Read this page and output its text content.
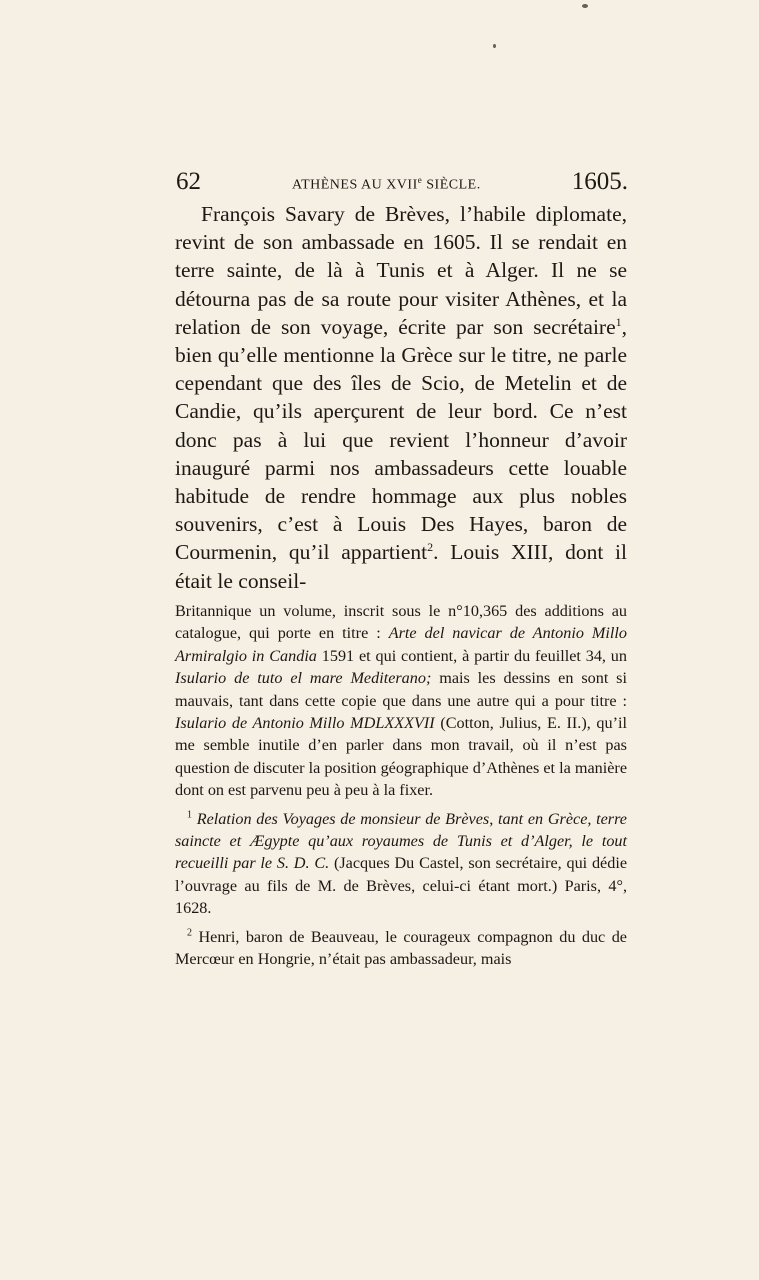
62	ATHÈNES AU XVIIe SIÈCLE.	1605.

François Savary de Brèves, l’habile diplomate, revint de son ambassade en 1605. Il se rendait en terre sainte, de là à Tunis et à Alger. Il ne se détourna pas de sa route pour visiter Athènes, et la relation de son voyage, écrite par son secrétaire$^1$, bien qu’elle mentionne la Grèce sur le titre, ne parle cependant que des îles de Scio, de Metelin et de Candie, qu’ils aperçurent de leur bord. Ce n’est donc pas à lui que revient l’honneur d’avoir inauguré parmi nos ambassadeurs cette louable habitude de rendre hommage aux plus nobles souvenirs, c’est à Louis Des Hayes, baron de Courmenin, qu’il appartient$^2$. Louis XIII, dont il était le conseil-

Britannique un volume, inscrit sous le n°10,365 des additions au catalogue, qui porte en titre : Arte del navicar de Antonio Millo Armiralgio in Candia 1591 et qui contient, à partir du feuillet 34, un Isulario de tuto el mare Mediterano; mais les dessins en sont si mauvais, tant dans cette copie que dans une autre qui a pour titre : Isulario de Antonio Millo MDLXXXVII (Cotton, Julius, E. II.), qu’il me semble inutile d’en parler dans mon travail, où il n’est pas question de discuter la position géographique d’Athènes et la manière dont on est parvenu peu à peu à la fixer.

$^1$ Relation des Voyages de monsieur de Brèves, tant en Grèce, terre saincte et Ægypte qu’aux royaumes de Tunis et d’Alger, le tout recueilli par le S. D. C. (Jacques Du Castel, son secrétaire, qui dédie l’ouvrage au fils de M. de Brèves, celui-ci étant mort.) Paris, 4°, 1628.

$^2$ Henri, baron de Beauveau, le courageux compagnon du duc de Mercœur en Hongrie, n’était pas ambassadeur, mais
